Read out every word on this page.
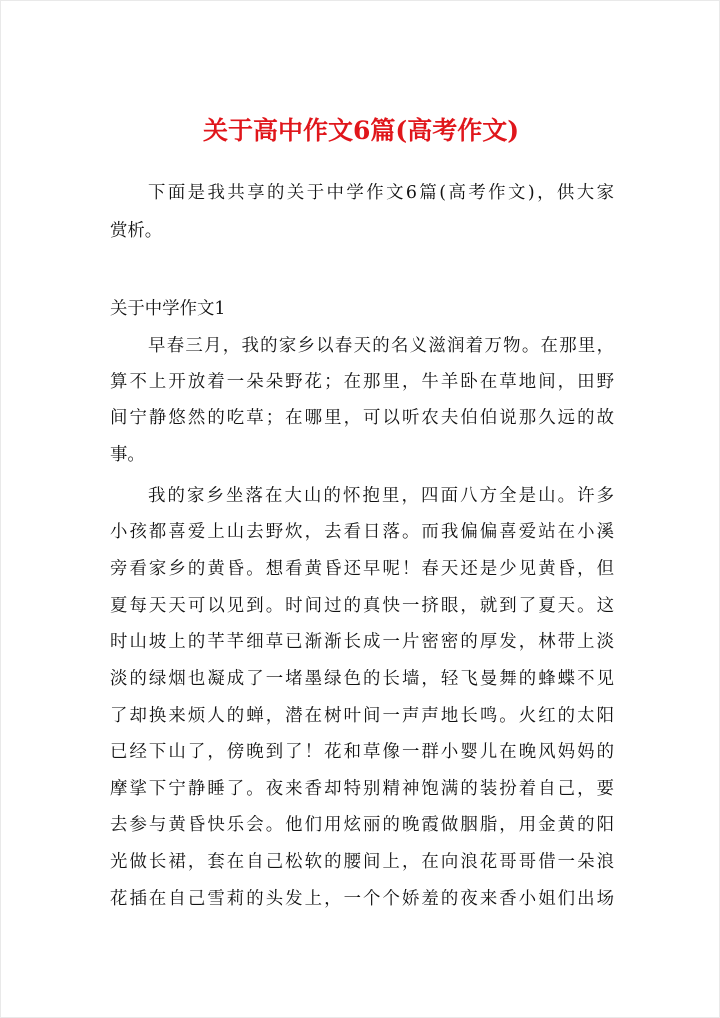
关于高中作文6篇(高考作文)
下面是我共享的关于中学作文6篇(高考作文)，供大家
赏析。
关于中学作文1
早春三月，我的家乡以春天的名义滋润着万物。在那里，
算不上开放着一朵朵野花；在那里，牛羊卧在草地间，田野
间宁静悠然的吃草；在哪里，可以听农夫伯伯说那久远的故
事。
我的家乡坐落在大山的怀抱里，四面八方全是山。许多
小孩都喜爱上山去野炊，去看日落。而我偏偏喜爱站在小溪
旁看家乡的黄昏。想看黄昏还早呢！春天还是少见黄昏，但
夏每天天可以见到。时间过的真快一挤眼，就到了夏天。这
时山坡上的芊芊细草已渐渐长成一片密密的厚发，林带上淡
淡的绿烟也凝成了一堵墨绿色的长墙，轻飞曼舞的蜂蝶不见
了却换来烦人的蝉，潜在树叶间一声声地长鸣。火红的太阳
已经下山了，傍晚到了！花和草像一群小婴儿在晚风妈妈的
摩挲下宁静睡了。夜来香却特别精神饱满的装扮着自己，要
去参与黄昏快乐会。他们用炫丽的晚霞做胭脂，用金黄的阳
光做长裙，套在自己松软的腰间上，在向浪花哥哥借一朵浪
花插在自己雪莉的头发上，一个个娇羞的夜来香小姐们出场
